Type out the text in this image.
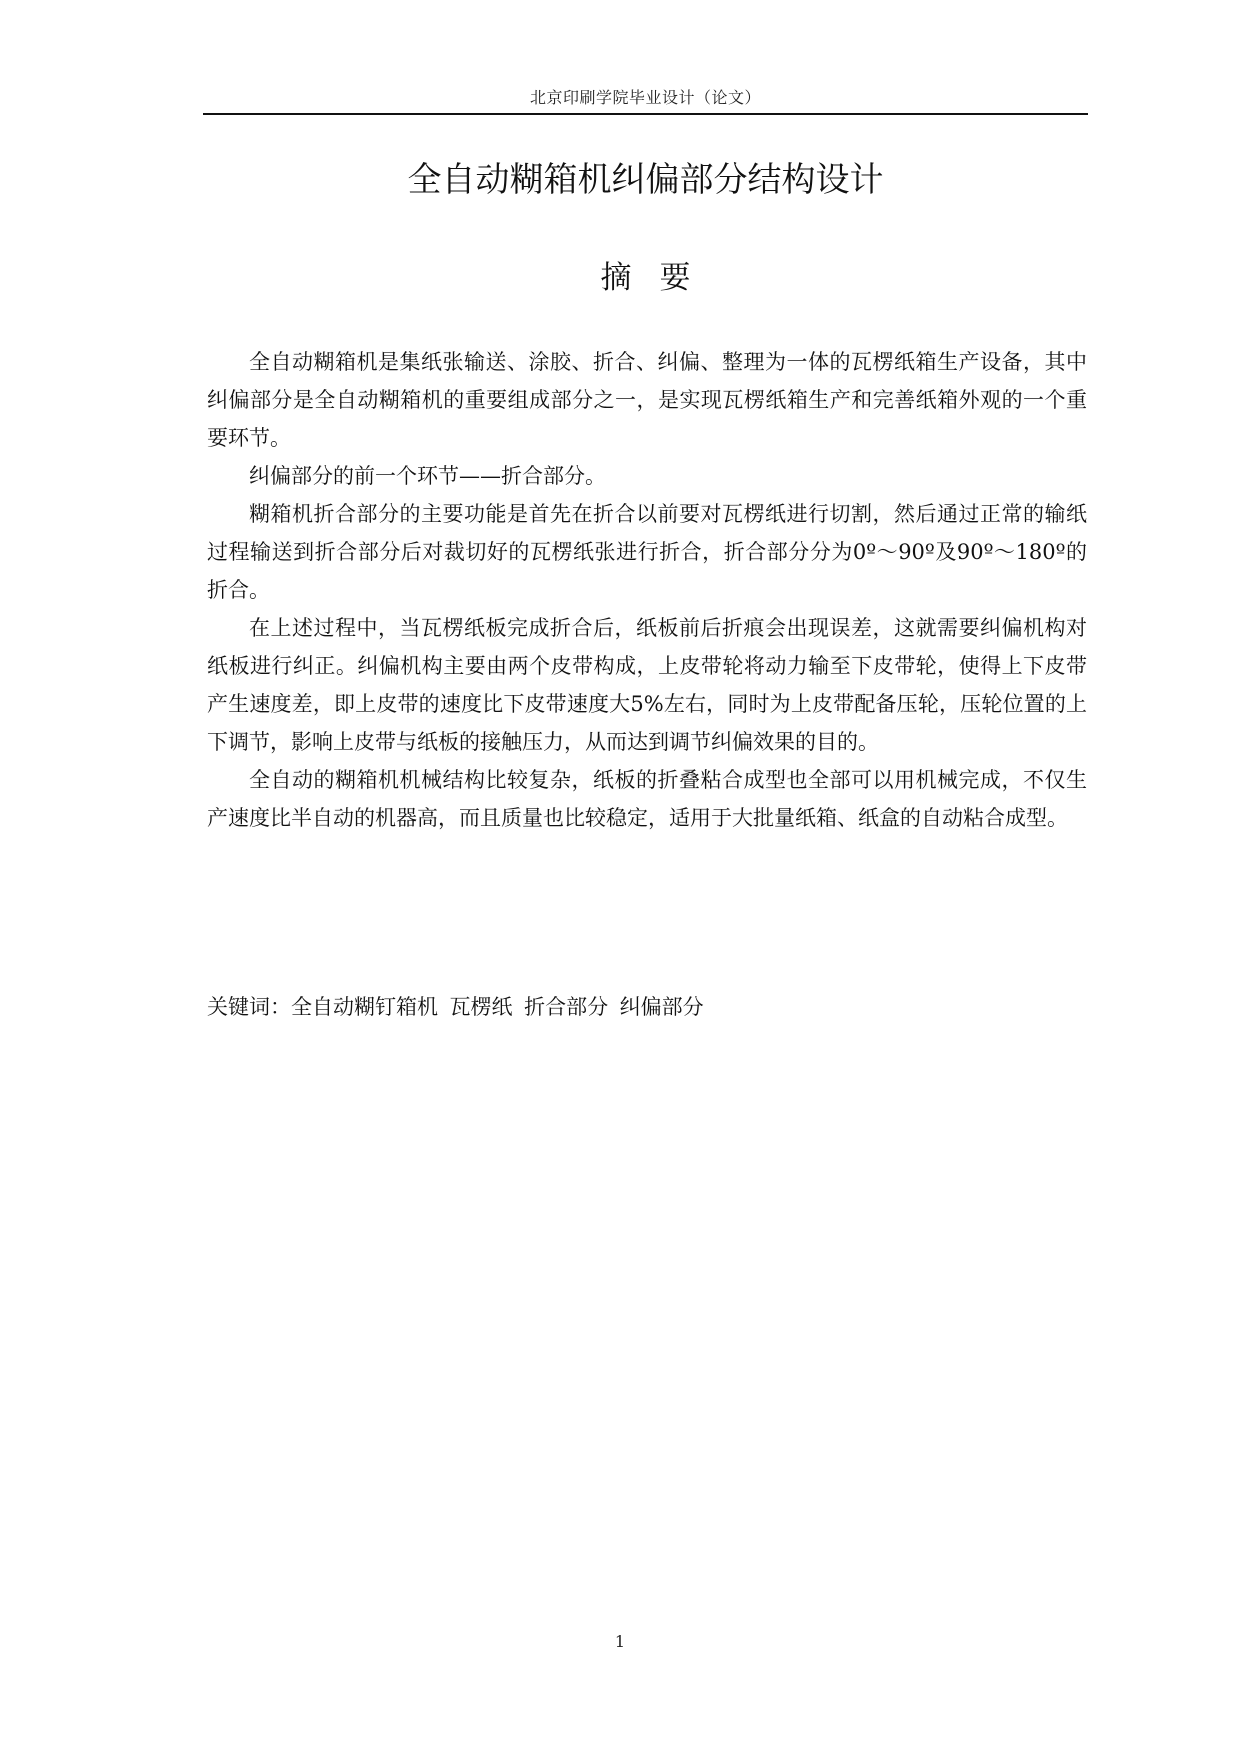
北京印刷学院毕业设计（论文）
全自动糊箱机纠偏部分结构设计
摘要

全自动糊箱机是集纸张输送、涂胶、折合、纠偏、整理为一体的瓦楞纸箱生产设备，其中纠偏部分是全自动糊箱机的重要组成部分之一，是实现瓦楞纸箱生产和完善纸箱外观的一个重要环节。

纠偏部分的前一个环节——折合部分。

糊箱机折合部分的主要功能是首先在折合以前要对瓦楞纸进行切割，然后通过正常的输纸过程输送到折合部分后对裁切好的瓦楞纸张进行折合，折合部分分为0º～90º及90º～180º的折合。

在上述过程中，当瓦楞纸板完成折合后，纸板前后折痕会出现误差，这就需要纠偏机构对纸板进行纠正。纠偏机构主要由两个皮带构成，上皮带轮将动力输至下皮带轮，使得上下皮带产生速度差，即上皮带的速度比下皮带速度大5%左右，同时为上皮带配备压轮，压轮位置的上下调节，影响上皮带与纸板的接触压力，从而达到调节纠偏效果的目的。

全自动的糊箱机机械结构比较复杂，纸板的折叠粘合成型也全部可以用机械完成，不仅生产速度比半自动的机器高，而且质量也比较稳定，适用于大批量纸箱、纸盒的自动粘合成型。

关键词：全自动糊钉箱机 瓦楞纸 折合部分 纠偏部分
1
